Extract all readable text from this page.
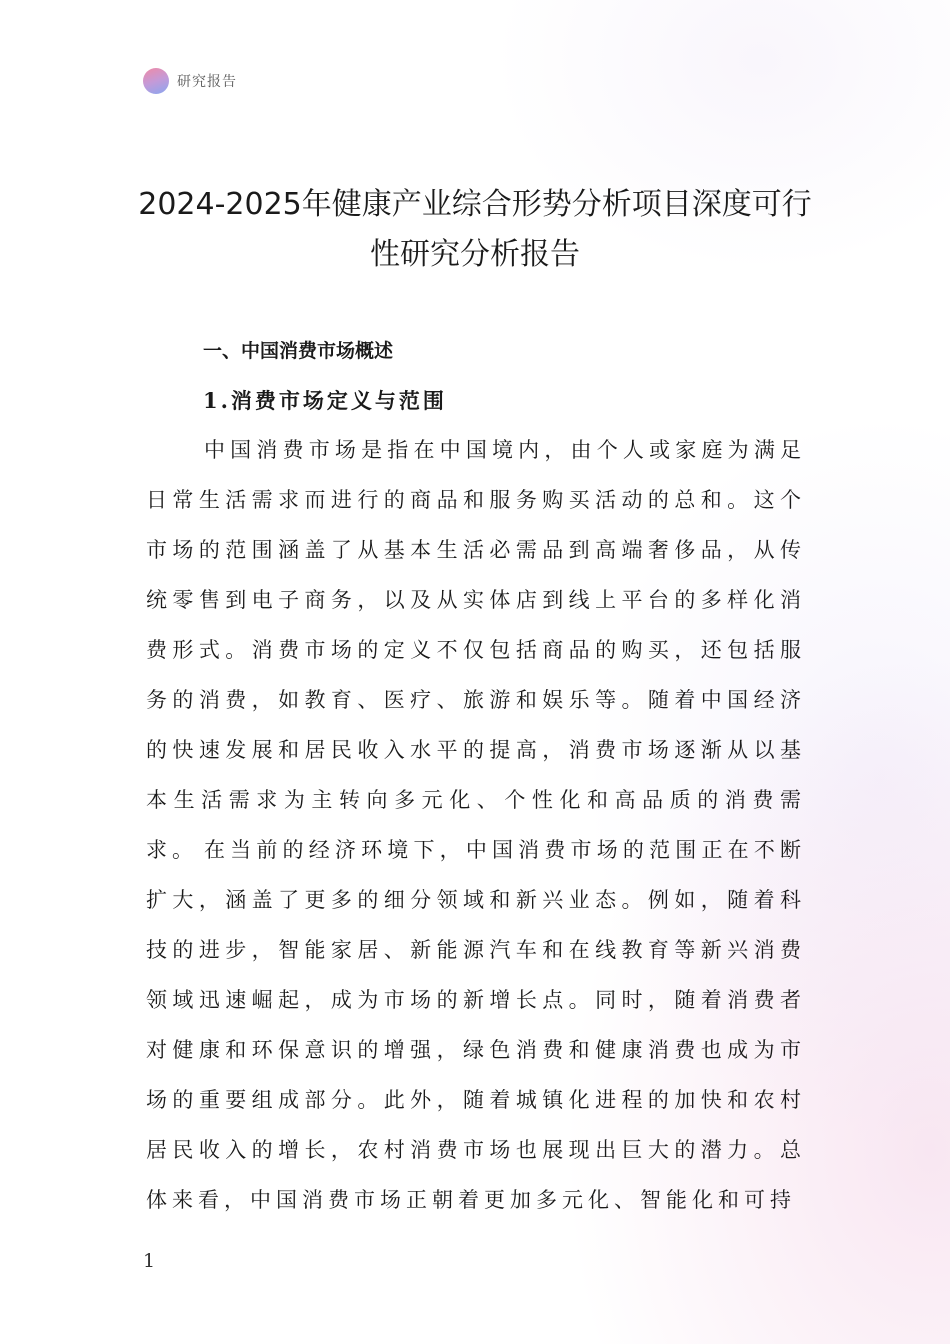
研究报告
2024-2025年健康产业综合形势分析项目深度可行性研究分析报告
一、中国消费市场概述
1.消费市场定义与范围

中国消费市场是指在中国境内，由个人或家庭为满足日常生活需求而进行的商品和服务购买活动的总和。这个市场的范围涵盖了从基本生活必需品到高端奢侈品，从传统零售到电子商务，以及从实体店到线上平台的多样化消费形式。消费市场的定义不仅包括商品的购买，还包括服务的消费，如教育、医疗、旅游和娱乐等。随着中国经济的快速发展和居民收入水平的提高，消费市场逐渐从以基本生活需求为主转向多元化、个性化和高品质的消费需求。 在当前的经济环境下，中国消费市场的范围正在不断扩大，涵盖了更多的细分领域和新兴业态。例如，随着科技的进步，智能家居、新能源汽车和在线教育等新兴消费领域迅速崛起，成为市场的新增长点。同时，随着消费者对健康和环保意识的增强，绿色消费和健康消费也成为市场的重要组成部分。此外，随着城镇化进程的加快和农村居民收入的增长，农村消费市场也展现出巨大的潜力。总体来看，中国消费市场正朝着更加多元化、智能化和可持

1
